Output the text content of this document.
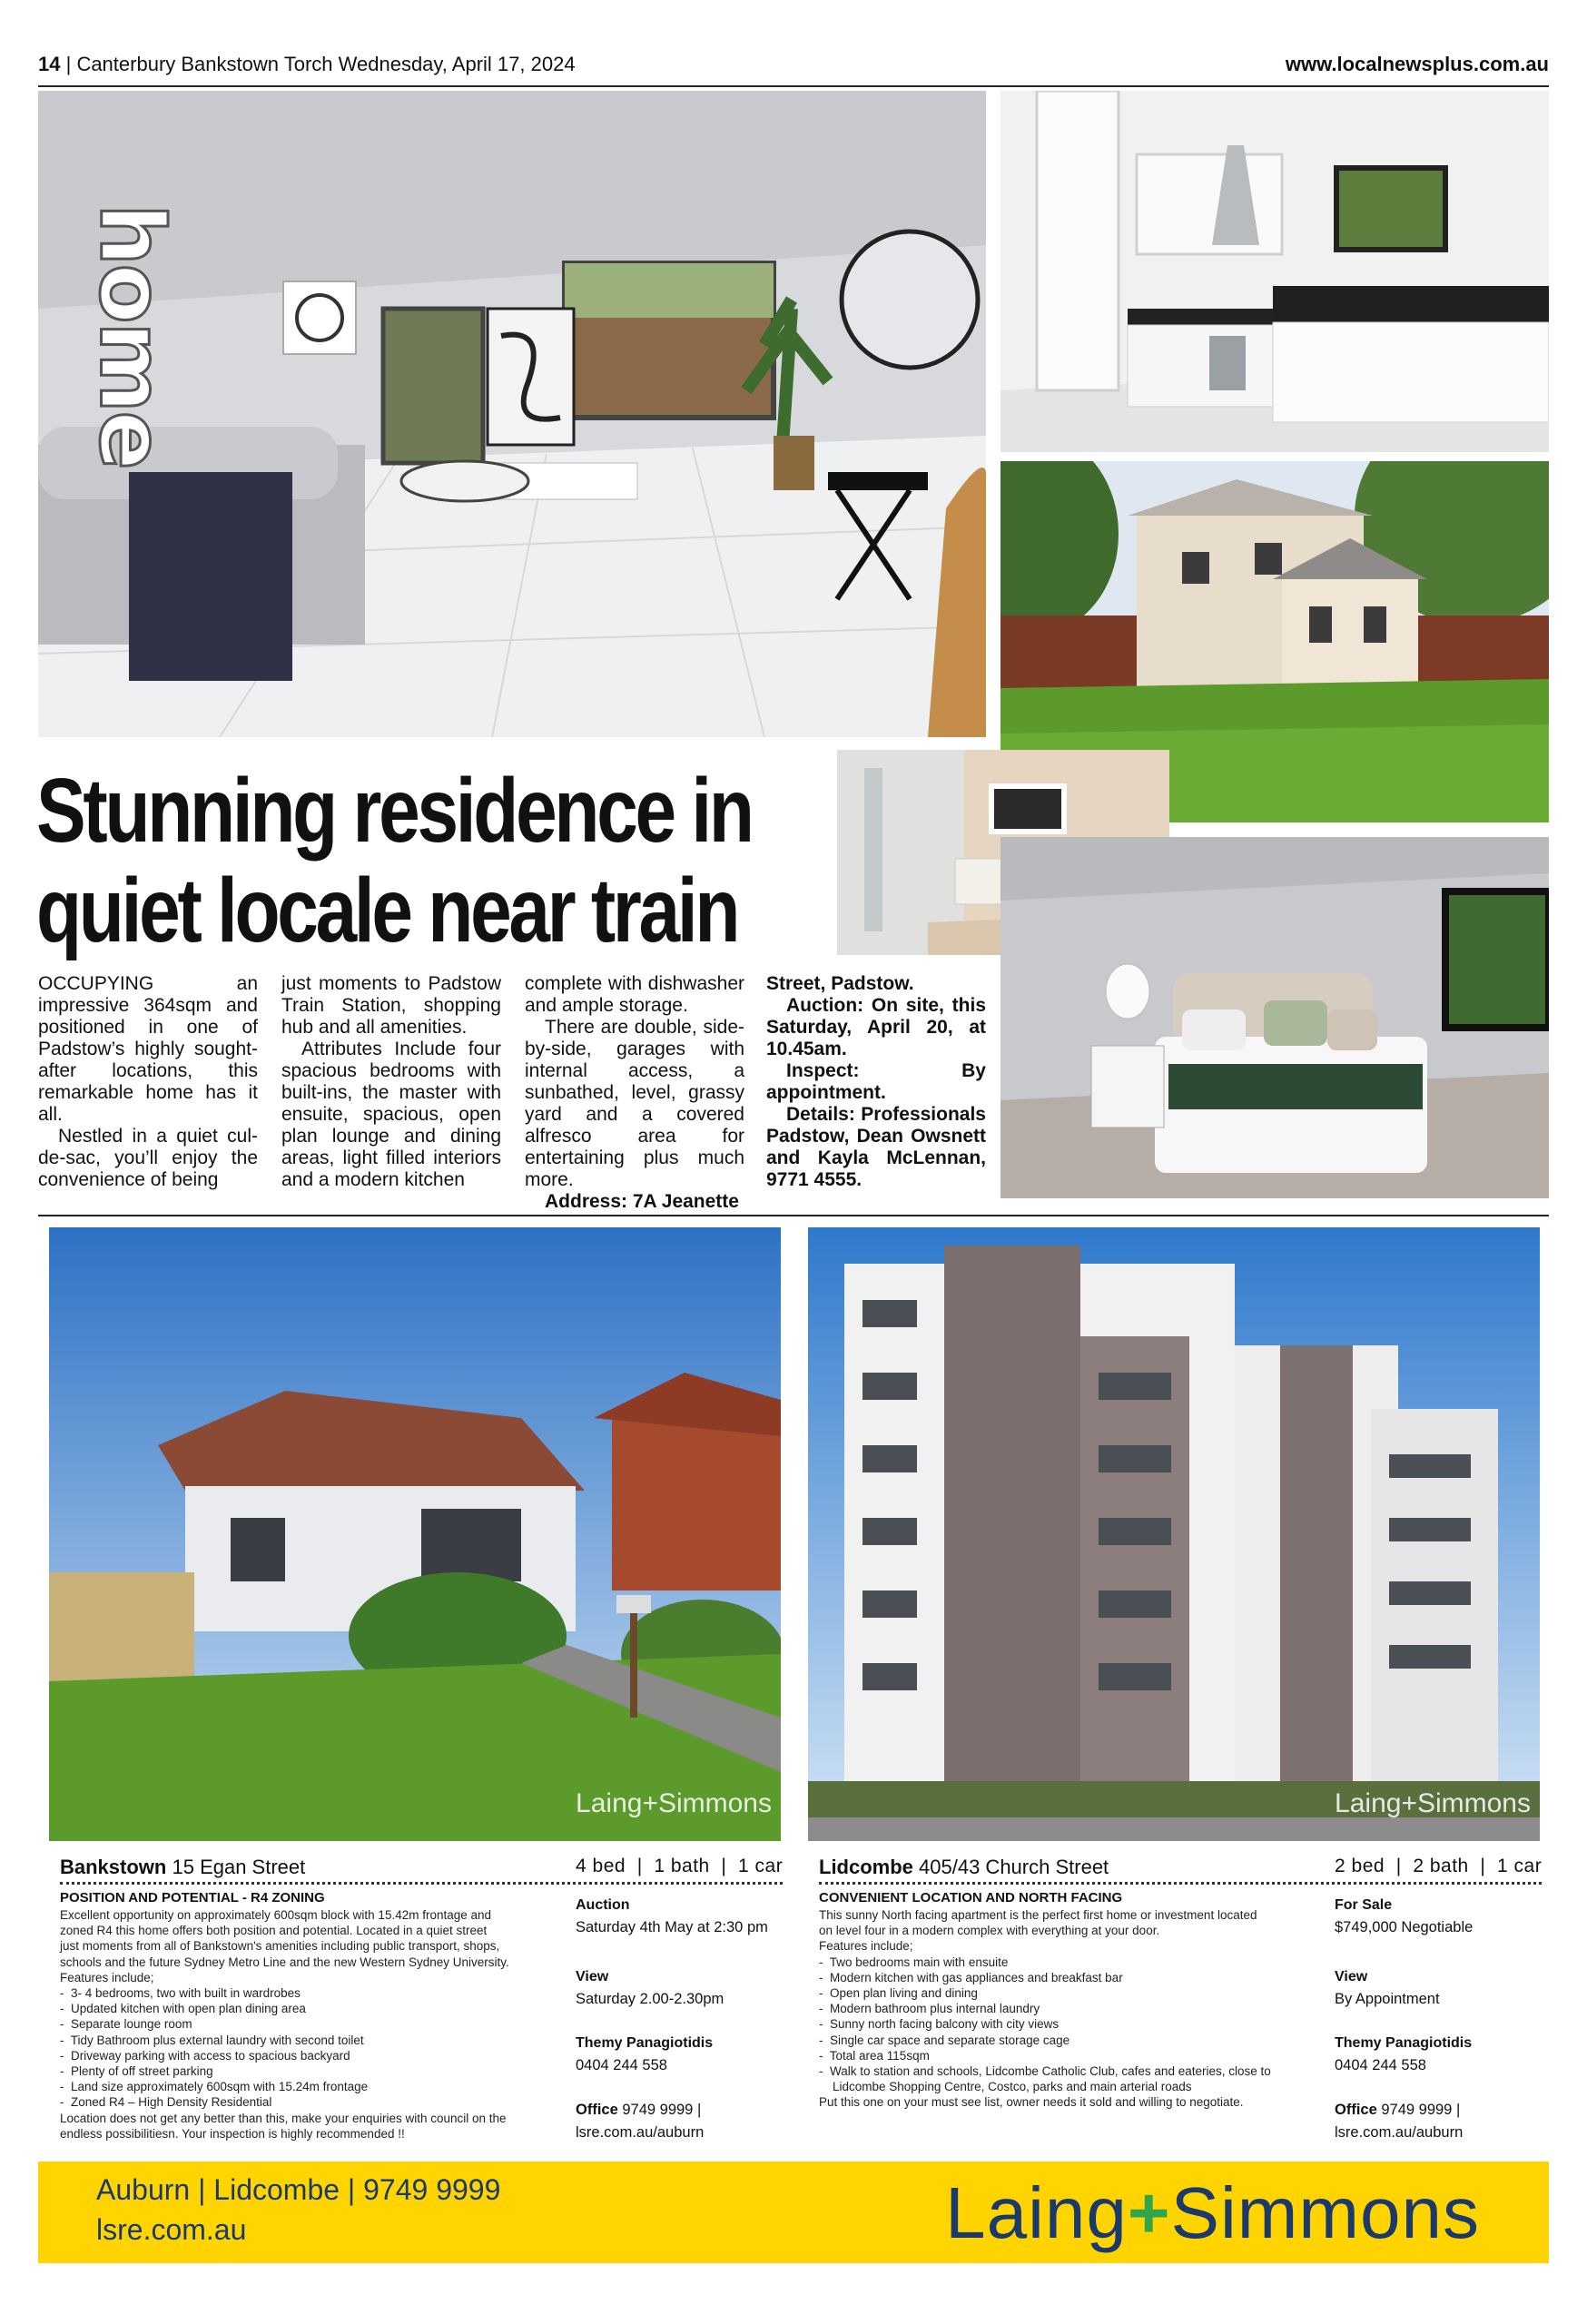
14 | Canterbury Bankstown Torch Wednesday, April 17, 2024	www.localnewsplus.com.au
home
Stunning residence in
quiet locale near train

OCCUPYING an impressive 364sqm and positioned in one of Padstow’s highly sought-after locations, this remarkable home has it all.

Nestled in a quiet cul-de-sac, you’ll enjoy the convenience of being

just moments to Padstow Train Station, shopping hub and all amenities.

Attributes Include four spacious bedrooms with built-ins, the master with ensuite, spacious, open plan lounge and dining areas, light filled interiors and a modern kitchen

complete with dishwasher and ample storage.

There are double, side-by-side, garages with internal access, a sunbathed, level, grassy yard and a covered alfresco area for entertaining plus much more.

Address: 7A Jeanette

Street, Padstow.

Auction: On site, this Saturday, April 20, at 10.45am.

Inspect: By appointment.

Details: Professionals Padstow, Dean Owsnett and Kayla McLennan, 9771 4555.

Laing+Simmons	Laing+Simmons
Bankstown 15 Egan Street	4 bed  |  1 bath  |  1 car
POSITION AND POTENTIAL - R4 ZONING
Excellent opportunity on approximately 600sqm block with 15.42m frontage and
zoned R4 this home offers both position and potential. Located in a quiet street
just moments from all of Bankstown's amenities including public transport, shops,
schools and the future Sydney Metro Line and the new Western Sydney University.
Features include;
-  3- 4 bedrooms, two with built in wardrobes
-  Updated kitchen with open plan dining area
-  Separate lounge room
-  Tidy Bathroom plus external laundry with second toilet
-  Driveway parking with access to spacious backyard
-  Plenty of off street parking
-  Land size approximately 600sqm with 15.24m frontage
-  Zoned R4 – High Density Residential
Location does not get any better than this, make your enquiries with council on the
endless possibilitiesn. Your inspection is highly recommended !!
Auction
Saturday 4th May at 2:30 pm
View
Saturday 2.00-2.30pm
Themy Panagiotidis
0404 244 558
Office 9749 9999 |
lsre.com.au/auburn
Lidcombe 405/43 Church Street	2 bed  |  2 bath  |  1 car
CONVENIENT LOCATION AND NORTH FACING
This sunny North facing apartment is the perfect first home or investment located
on level four in a modern complex with everything at your door.
Features include;
-  Two bedrooms main with ensuite
-  Modern kitchen with gas appliances and breakfast bar
-  Open plan living and dining
-  Modern bathroom plus internal laundry
-  Sunny north facing balcony with city views
-  Single car space and separate storage cage
-  Total area 115sqm
-  Walk to station and schools, Lidcombe Catholic Club, cafes and eateries, close to
Lidcombe Shopping Centre, Costco, parks and main arterial roads
Put this one on your must see list, owner needs it sold and willing to negotiate.
For Sale
$749,000 Negotiable
View
By Appointment
Themy Panagiotidis
0404 244 558
Office 9749 9999 |
lsre.com.au/auburn
Auburn | Lidcombe | 9749 9999
lsre.com.au	Laing+Simmons
